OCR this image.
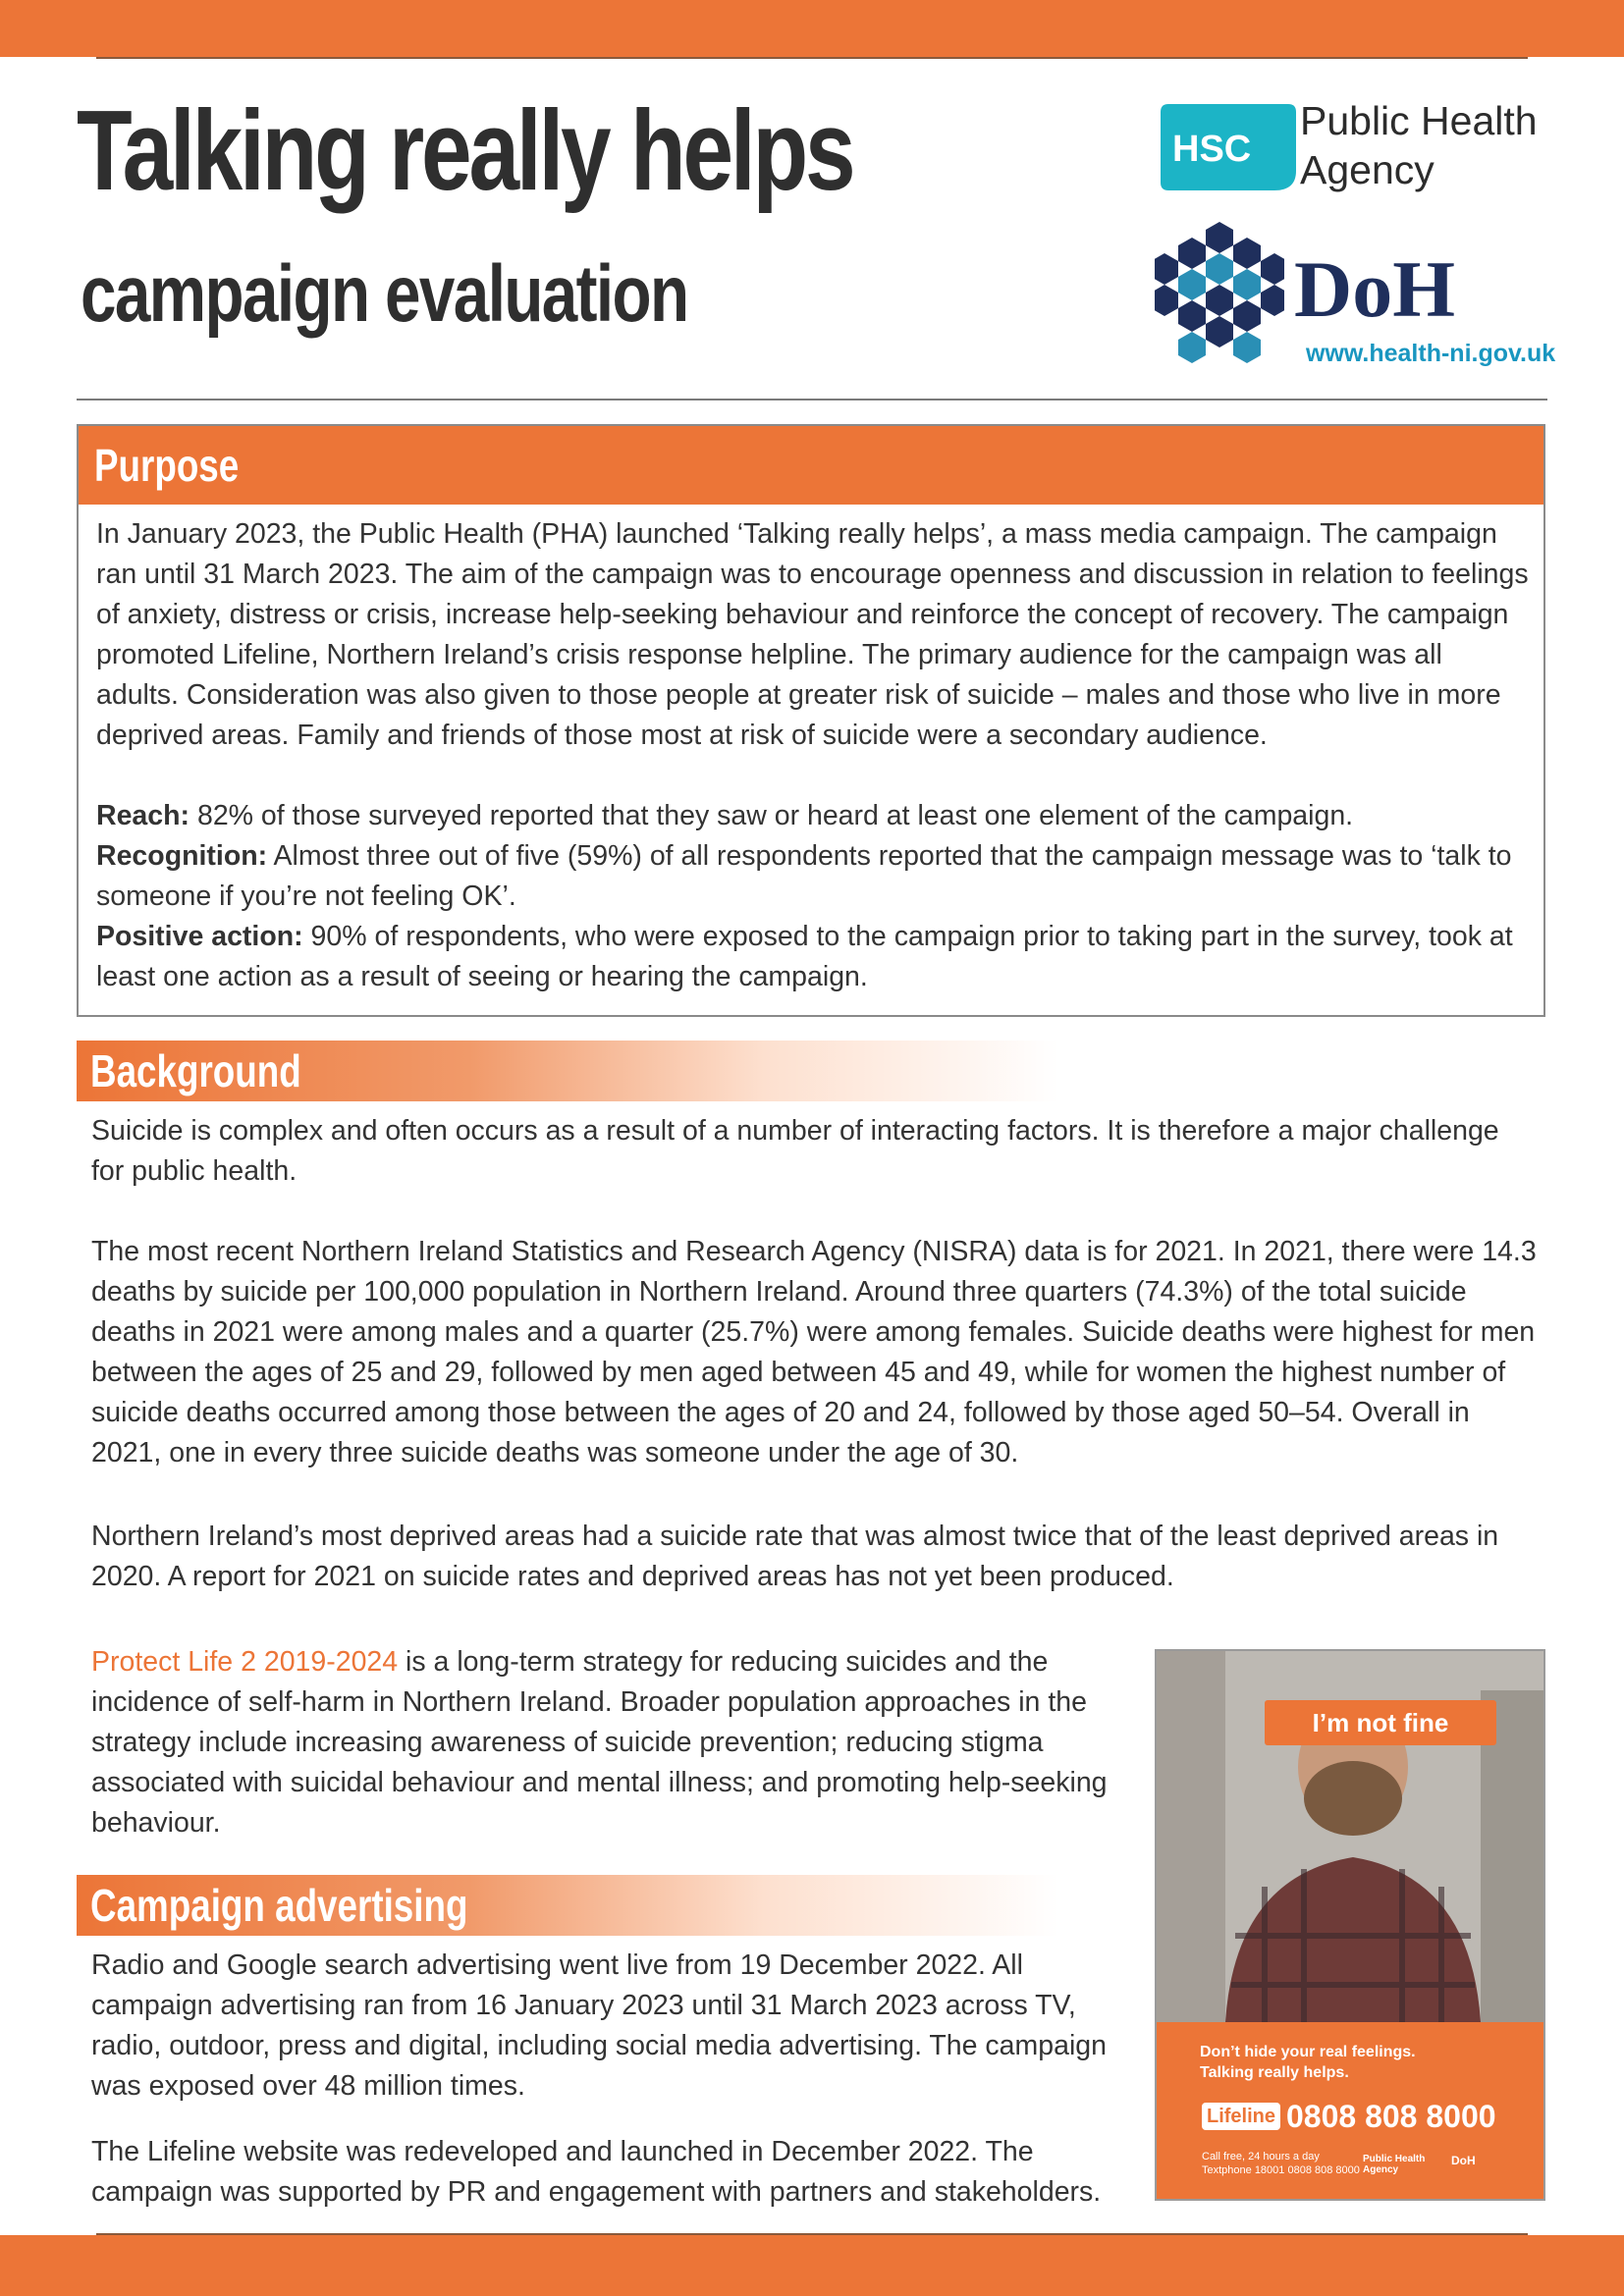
Talking really helps
campaign evaluation
HSC
Public Health
Agency
DoH
www.health-ni.gov.uk
Purpose

In January 2023, the Public Health (PHA) launched ‘Talking really helps’, a mass media campaign. The campaign ran until 31 March 2023. The aim of the campaign was to encourage openness and discussion in relation to feelings of anxiety, distress or crisis, increase help-seeking behaviour and reinforce the concept of recovery. The campaign promoted Lifeline, Northern Ireland’s crisis response helpline. The primary audience for the campaign was all adults. Consideration was also given to those people at greater risk of suicide – males and those who live in more deprived areas. Family and friends of those most at risk of suicide were a secondary audience.

Reach: 82% of those surveyed reported that they saw or heard at least one element of the campaign.

Recognition: Almost three out of five (59%) of all respondents reported that the campaign message was to ‘talk to someone if you’re not feeling OK’.

Positive action: 90% of respondents, who were exposed to the campaign prior to taking part in the survey, took at least one action as a result of seeing or hearing the campaign.

Background

Suicide is complex and often occurs as a result of a number of interacting factors. It is therefore a major challenge for public health.

The most recent Northern Ireland Statistics and Research Agency (NISRA) data is for 2021. In 2021, there were 14.3 deaths by suicide per 100,000 population in Northern Ireland. Around three quarters (74.3%) of the total suicide deaths in 2021 were among males and a quarter (25.7%) were among females. Suicide deaths were highest for men between the ages of 25 and 29, followed by men aged between 45 and 49, while for women the highest number of suicide deaths occurred among those between the ages of 20 and 24, followed by those aged 50–54. Overall in 2021, one in every three suicide deaths was someone under the age of 30.

Northern Ireland’s most deprived areas had a suicide rate that was almost twice that of the least deprived areas in 2020. A report for 2021 on suicide rates and deprived areas has not yet been produced.

Protect Life 2 2019-2024 is a long-term strategy for reducing suicides and the incidence of self-harm in Northern Ireland. Broader population approaches in the strategy include increasing awareness of suicide prevention; reducing stigma associated with suicidal behaviour and mental illness; and promoting help-seeking behaviour.

Campaign advertising

Radio and Google search advertising went live from 19 December 2022. All campaign advertising ran from 16 January 2023 until 31 March 2023 across TV, radio, outdoor, press and digital, including social media advertising. The campaign was exposed over 48 million times.

The Lifeline website was redeveloped and launched in December 2022. The campaign was supported by PR and engagement with partners and stakeholders.

I’m not fine
Don’t hide your real feelings.
Talking really helps.
Lifeline 0808 808 8000
Call free, 24 hours a day
Textphone 18001 0808 808 8000
Public Health
Agency
DoH
